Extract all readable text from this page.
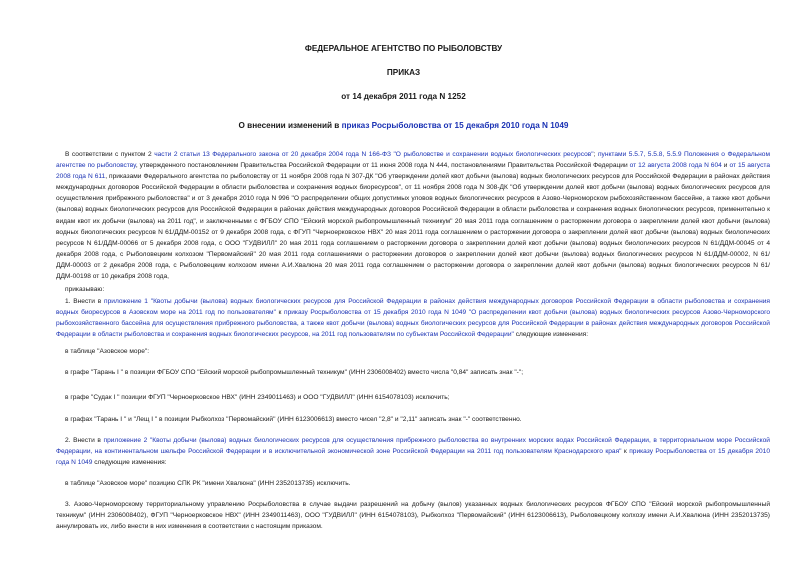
ФЕДЕРАЛЬНОЕ АГЕНТСТВО ПО РЫБОЛОВСТВУ
ПРИКАЗ
от 14 декабря 2011 года N 1252
О внесении изменений в приказ Росрыболовства от 15 декабря 2010 года N 1049

В соответствии с пунктом 2 части 2 статьи 13 Федерального закона от 20 декабря 2004 года N 166-ФЗ "О рыболовстве и сохранении водных биологических ресурсов"; пунктами 5.5.7, 5.5.8, 5.5.9 Положения о Федеральном агентстве по рыболовству, утвержденного постановлением Правительства Российской Федерации от 11 июня 2008 года N 444, постановлениями Правительства Российской Федерации от 12 августа 2008 года N 604 и от 15 августа 2008 года N 611, приказами Федерального агентства по рыболовству от 11 ноября 2008 года N 307-ДК "Об утверждении долей квот добычи (вылова) водных биологических ресурсов для Российской Федерации в районах действия международных договоров Российской Федерации в области рыболовства и сохранения водных биоресурсов", от 11 ноября 2008 года N 308-ДК "Об утверждении долей квот добычи (вылова) водных биологических ресурсов для осуществления прибрежного рыболовства" и от 3 декабря 2010 года N 996 "О распределении общих допустимых уловов водных биологических ресурсов в Азово-Черноморском рыбохозяйственном бассейне, а также квот добычи (вылова) водных биологических ресурсов для Российской Федерации в районах действия международных договоров Российской Федерации в области рыболовства и сохранения водных биологических ресурсов, применительно к видам квот их добычи (вылова) на 2011 год", и заключенными с ФГБОУ СПО "Ейский морской рыбопромышленный техникум" 20 мая 2011 года соглашением о расторжении договора о закреплении долей квот добычи (вылова) водных биологических ресурсов N 61/ДДМ-00152 от 9 декабря 2008 года, с ФГУП "Черноерковское НВХ" 20 мая 2011 года соглашением о расторжении договора о закреплении долей квот добычи (вылова) водных биологических ресурсов N 61/ДДМ-00066 от 5 декабря 2008 года, с ООО "ГУДВИЛЛ" 20 мая 2011 года соглашением о расторжении договора о закреплении долей квот добычи (вылова) водных биологических ресурсов N 61/ДДМ-00045 от 4 декабря 2008 года, с Рыболовецким колхозом "Первомайский" 20 мая 2011 года соглашениями о расторжении договоров о закреплении долей квот добычи (вылова) водных биологических ресурсов N 61/ДДМ-00002, N 61/ДДМ-00003 от 2 декабря 2008 года, с Рыболовецким колхозом имени А.И.Хвалюна 20 мая 2011 года соглашением о расторжении договора о закреплении долей квот добычи (вылова) водных биологических ресурсов N 61/ДДМ-00198 от 10 декабря 2008 года,

приказываю:

1. Внести в приложение 1 "Квоты добычи (вылова) водных биологических ресурсов для Российской Федерации в районах действия международных договоров Российской Федерации в области рыболовства и сохранения водных биоресурсов в Азовском море на 2011 год по пользователям" к приказу Росрыболовства от 15 декабря 2010 года N 1049 "О распределении квот добычи (вылова) водных биологических ресурсов Азово-Черноморского рыбохозяйственного бассейна для осуществления прибрежного рыболовства, а также квот добычи (вылова) водных биологических ресурсов для Российской Федерации в районах действия международных договоров Российской Федерации в области рыболовства и сохранения водных биологических ресурсов, на 2011 год пользователям по субъектам Российской Федерации" следующие изменения:

в таблице "Азовское море":
в графе "Тарань I " в позиции ФГБОУ СПО "Ейский морской рыбопромышленный техникум" (ИНН 2306008402) вместо числа "0,84" записать знак "-";
в графе "Судак I " позиции ФГУП "Черноерковское НВХ" (ИНН 2349011463) и ООО "ГУДВИЛЛ" (ИНН 6154078103) исключить;
в графах "Тарань I " и "Лещ I " в позиции Рыбколхоз "Первомайский" (ИНН 6123006613) вместо чисел "2,8" и "2,11" записать знак "-" соответственно.

2. Внести в приложение 2 "Квоты добычи (вылова) водных биологических ресурсов для осуществления прибрежного рыболовства во внутренних морских водах Российской Федерации, в территориальном море Российской Федерации, на континентальном шельфе Российской Федерации и в исключительной экономической зоне Российской Федерации на 2011 год пользователям Краснодарского края" к приказу Росрыболовства от 15 декабря 2010 года N 1049 следующие изменения:

в таблице "Азовское море" позицию СПК РК "имени Хвалюна" (ИНН 2352013735) исключить.

3. Азово-Черноморскому территориальному управлению Росрыболовства в случае выдачи разрешений на добычу (вылов) указанных водных биологических ресурсов ФГБОУ СПО "Ейский морской рыбопромышленный техникум" (ИНН 2306008402), ФГУП "Черноерковское НВХ" (ИНН 2349011463), ООО "ГУДВИЛЛ" (ИНН 6154078103), Рыбколхоз "Первомайский" (ИНН 6123006613), Рыболовецкому колхозу имени А.И.Хвалюна (ИНН 2352013735) аннулировать их, либо внести в них изменения в соответствии с настоящим приказом.
